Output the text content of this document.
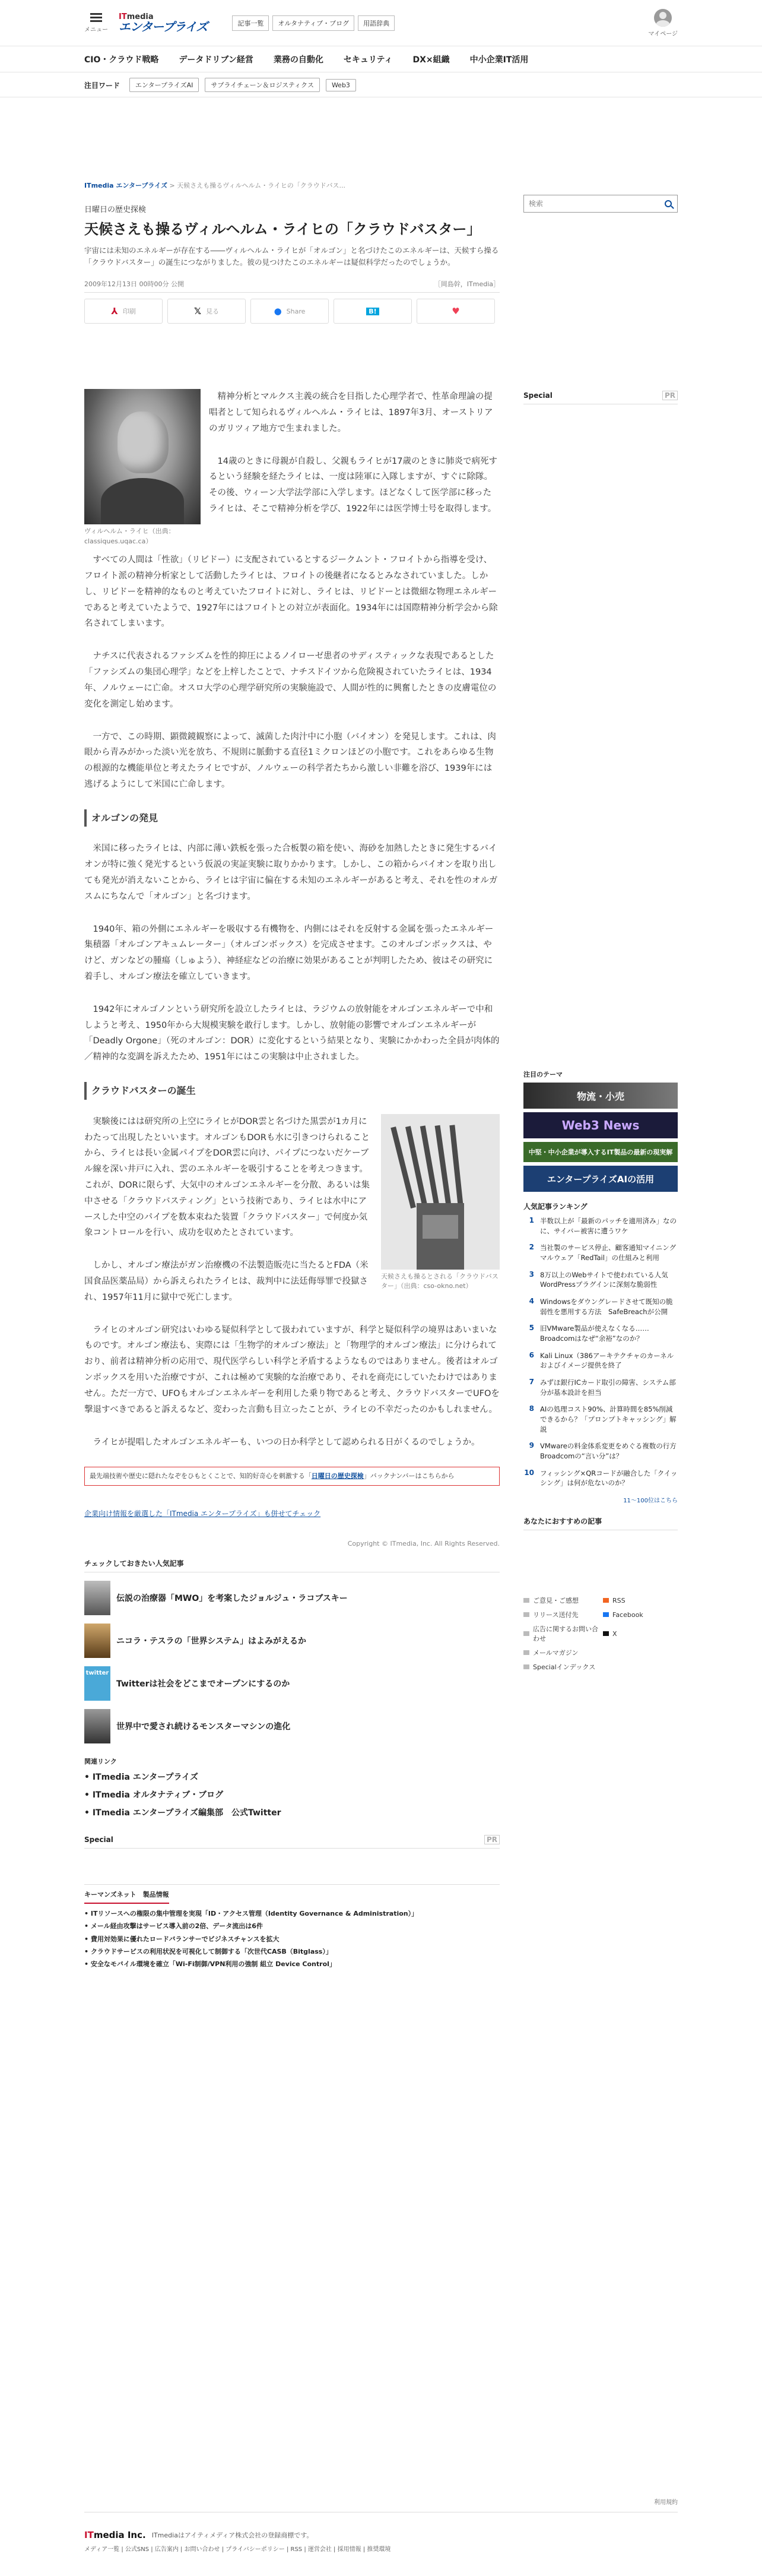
メニュー
ITmedia
エンタープライズ	記事一覧	オルタナティブ・ブログ	用語辞典
マイページ
CIO・クラウド戦略 データドリブン経営 業務の自動化 セキュリティ DX×組織 中小企業IT活用
注目ワード	エンタープライズAI	サプライチェーン＆ロジスティクス	Web3
ITmedia エンタープライズ > 天候さえも操るヴィルヘルム・ライヒの「クラウドバス...
日曜日の歴史探検
天候さえも操るヴィルヘルム・ライヒの「クラウドバスター」

宇宙には未知のエネルギーが存在する――ヴィルヘルム・ライヒが「オルゴン」と名づけたこのエネルギーは、天候すら操る「クラウドバスター」の誕生につながりました。彼の見つけたこのエネルギーは疑似科学だったのでしょうか。

2009年12月13日 00時00分 公開	［岡島幹，ITmedia］
⅄ 印刷	𝕏 見る	● Share	B!	♥
ヴィルヘルム・ライヒ（出典：classiques.uqac.ca）

精神分析とマルクス主義の統合を目指した心理学者で、性革命理論の提唱者として知られるヴィルヘルム・ライヒは、1897年3月、オーストリアのガリツィア地方で生まれました。

14歳のときに母親が自殺し、父親もライヒが17歳のときに肺炎で病死するという経験を経たライヒは、一度は陸軍に入隊しますが、すぐに除隊。その後、ウィーン大学法学部に入学します。ほどなくして医学部に移ったライヒは、そこで精神分析を学び、1922年には医学博士号を取得します。

すべての人間は「性欲」（リビドー）に支配されているとするジークムント・フロイトから指導を受け、フロイト派の精神分析家として活動したライヒは、フロイトの後継者になるとみなされていました。しかし、リビドーを精神的なものと考えていたフロイトに対し、ライヒは、リビドーとは微細な物理エネルギーであると考えていたようで、1927年にはフロイトとの対立が表面化。1934年には国際精神分析学会から除名されてしまいます。

ナチスに代表されるファシズムを性的抑圧によるノイローゼ患者のサディスティックな表現であるとした「ファシズムの集団心理学」などを上梓したことで、ナチスドイツから危険視されていたライヒは、1934年、ノルウェーに亡命。オスロ大学の心理学研究所の実験施設で、人間が性的に興奮したときの皮膚電位の変化を測定し始めます。

一方で、この時期、顕微鏡観察によって、滅菌した肉汁中に小胞（バイオン）を発見します。これは、肉眼から青みがかった淡い光を放ち、不規則に脈動する直径1ミクロンほどの小胞です。これをあらゆる生物の根源的な機能単位と考えたライヒですが、ノルウェーの科学者たちから激しい非難を浴び、1939年には逃げるようにして米国に亡命します。

オルゴンの発見

米国に移ったライヒは、内部に薄い鉄板を張った合板製の箱を使い、海砂を加熱したときに発生するバイオンが特に強く発光するという仮説の実証実験に取りかかります。しかし、この箱からバイオンを取り出しても発光が消えないことから、ライヒは宇宙に偏在する未知のエネルギーがあると考え、それを性のオルガスムにちなんで「オルゴン」と名づけます。

1940年、箱の外側にエネルギーを吸収する有機物を、内側にはそれを反射する金属を張ったエネルギー集積器「オルゴンアキュムレーター」（オルゴンボックス）を完成させます。このオルゴンボックスは、やけど、ガンなどの腫瘍（しゅよう）、神経症などの治療に効果があることが判明したため、彼はその研究に着手し、オルゴン療法を確立していきます。

1942年にオルゴノンという研究所を設立したライヒは、ラジウムの放射能をオルゴンエネルギーで中和しようと考え、1950年から大規模実験を敢行します。しかし、放射能の影響でオルゴンエネルギーが「Deadly Orgone」（死のオルゴン：DOR）に変化するという結果となり、実験にかかわった全員が肉体的／精神的な変調を訴えたため、1951年にはこの実験は中止されました。

クラウドバスターの誕生
天候さえも操るとされる「クラウドバスター」（出典：cso-okno.net）

実験後にはは研究所の上空にライヒがDOR雲と名づけた黒雲が1カ月にわたって出現したといいます。オルゴンもDORも水に引きつけられることから、ライヒは長い金属パイプをDOR雲に向け、パイプにつないだケーブル線を深い井戸に入れ、雲のエネルギーを吸引することを考えつきます。これが、DORに限らず、大気中のオルゴンエネルギーを分散、あるいは集中させる「クラウドバスティング」という技術であり、ライヒは水中にアースした中空のパイプを数本束ねた装置「クラウドバスター」で何度か気象コントロールを行い、成功を収めたとされています。

しかし、オルゴン療法がガン治療機の不法製造販売に当たるとFDA（米国食品医薬品局）から訴えられたライヒは、裁判中に法廷侮辱罪で投獄され、1957年11月に獄中で死亡します。

ライヒのオルゴン研究はいわゆる疑似科学として扱われていますが、科学と疑似科学の境界はあいまいなものです。オルゴン療法も、実際には「生物学的オルゴン療法」と「物理学的オルゴン療法」に分けられており、前者は精神分析の応用で、現代医学らしい科学と矛盾するようなものではありません。後者はオルゴンボックスを用いた治療ですが、これは極めて実験的な治療であり、それを商売にしていたわけではありません。ただ一方で、UFOもオルゴンエネルギーを利用した乗り物であると考え、クラウドバスターでUFOを撃退すべきであると訴えるなど、変わった言動も目立ったことが、ライヒの不幸だったのかもしれません。

ライヒが提唱したオルゴンエネルギーも、いつの日か科学として認められる日がくるのでしょうか。

最先端技術や歴史に隠れたなぞをひもとくことで、知的好奇心を刺激する「日曜日の歴史探検」バックナンバーはこちらから
企業向け情報を厳選した「ITmedia エンタープライズ」も併せてチェック
Copyright © ITmedia, Inc. All Rights Reserved.
チェックしておきたい人気記事
伝説の治療器「MWO」を考案したジョルジュ・ラコブスキー
ニコラ・テスラの「世界システム」はよみがえるか
twitter
Twitterは社会をどこまでオープンにするのか
世界中で愛され続けるモンスターマシンの進化
関連リンク
• ITmedia エンタープライズ
• ITmedia オルタナティブ・ブログ
• ITmedia エンタープライズ編集部　公式Twitter
Special	PR
キーマンズネット　製品情報
• ITリソースへの権限の集中管理を実現「ID・アクセス管理（Identity Governance & Administration）」
• メール経由攻撃はサービス導入前の2倍、データ流出は6件
• 費用対効果に優れたロードバランサーでビジネスチャンスを拡大
• クラウドサービスの利用状況を可視化して制御する「次世代CASB（Bitglass）」
• 安全なモバイル環境を確立「Wi-Fi制御/VPN利用の強制 組立 Device Control」
検索
Special	PR
注目のテーマ
物流・小売
Web3 News
中堅・中小企業が導入するIT製品の最新の現実解
エンタープライズAIの活用
人気記事ランキング
1 半数以上が「最新のパッチを適用済み」なのに、サイバー被害に遭うワケ
2 当社製のサービス停止、顧客通知マイニングマルウェア「RedTail」の仕組みと利用
3 8万以上のWebサイトで使われている人気WordPressプラグインに深刻な脆弱性
4 Windowsをダウングレードさせて既知の脆弱性を悪用する方法　SafeBreachが公開
5 旧VMware製品が使えなくなる……Broadcomはなぜ“余裕”なのか？
6 Kali Linux（386アーキテクチャのカーネルおよびイメージ提供を終了
7 みずほ銀行ICカード取引の障害、システム部分が基本設計を担当
8 AIの処理コスト90%、計算時間を85%削減できるから？「プロンプトキャッシング」解説
9 VMwareの料金体系変更をめぐる複数の行方　Broadcomの“言い分”は？
10 フィッシング×QRコードが融合した「クイッシング」は何が危ないのか？
11～100位はこちら
あなたにおすすめの記事
ご意見・ご感想	RSS
リリース送付先	Facebook
広告に関するお問い合わせ
X
メールマガジン
Specialインデックス
利用規約
ITmedia Inc. ITmediaはアイティメディア株式会社の登録商標です。
メディア一覧 | 公式SNS | 広告案内 | お問い合わせ | プライバシーポリシー | RSS | 運営会社 | 採用情報 | 推奨環境
